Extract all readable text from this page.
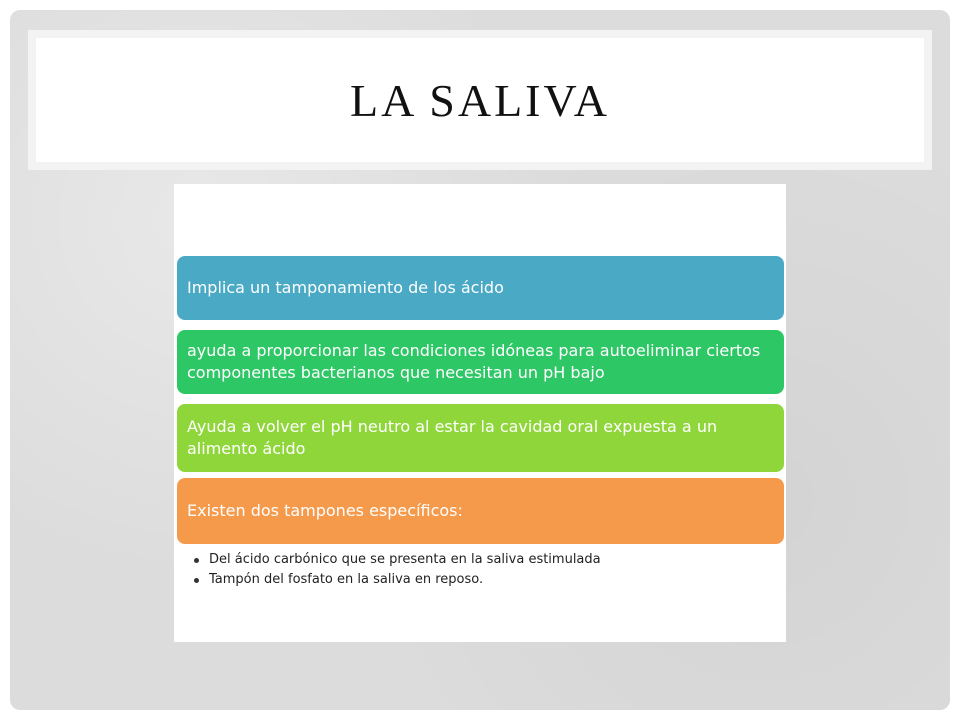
LA SALIVA
Implica un tamponamiento de los ácido
ayuda a proporcionar las condiciones idóneas para autoeliminar ciertos componentes bacterianos que necesitan un pH bajo
Ayuda a volver el pH neutro al estar la cavidad oral expuesta a un alimento ácido
Existen dos tampones específicos:
Del ácido carbónico que se presenta en la saliva estimulada
Tampón del fosfato en la saliva en reposo.
